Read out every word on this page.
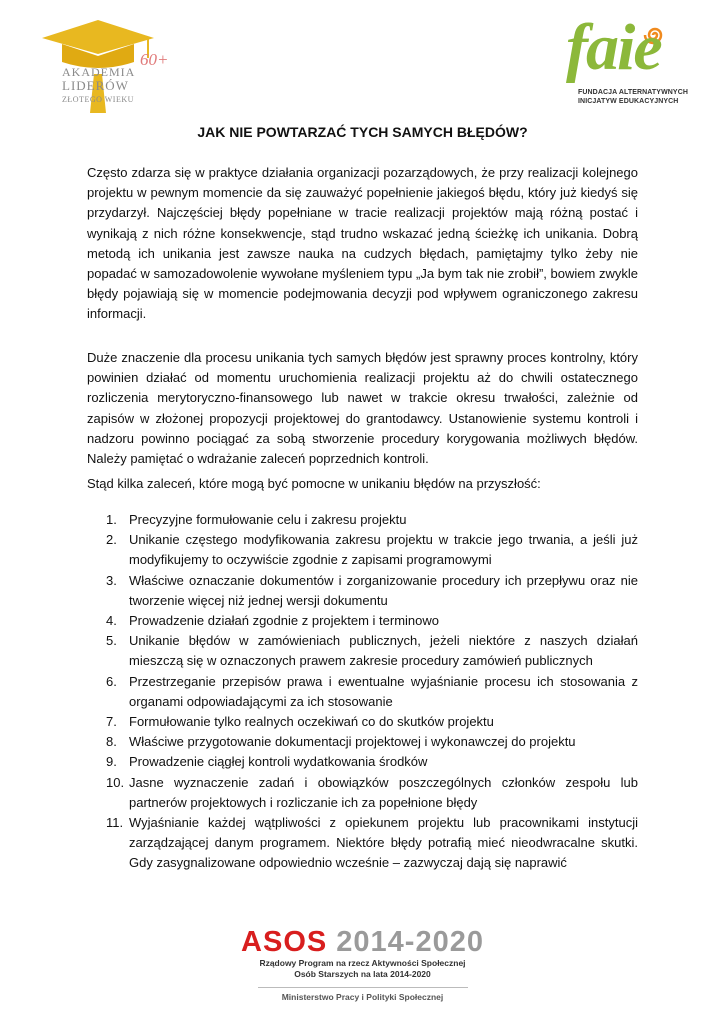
AKADEMIA
LIDERÓW
ZŁOTEGO WIEKU
60+	faie
FUNDACJA ALTERNATYWNYCH
INICJATYW EDUKACYJNYCH
JAK NIE POWTARZAĆ TYCH SAMYCH BŁĘDÓW?

Często zdarza się w praktyce działania organizacji pozarządowych, że przy realizacji kolejnego projektu w pewnym momencie da się zauważyć popełnienie jakiegoś błędu, który już kiedyś się przydarzył. Najczęściej błędy popełniane w tracie realizacji projektów mają różną postać i wynikają z nich różne konsekwencje, stąd trudno wskazać jedną ścieżkę ich unikania. Dobrą metodą ich unikania jest zawsze nauka na cudzych błędach, pamiętajmy tylko żeby nie popadać w samozadowolenie wywołane myśleniem typu „Ja bym tak nie zrobił”, bowiem zwykle błędy pojawiają się w momencie podejmowania decyzji pod wpływem ograniczonego zakresu informacji.

Duże znaczenie dla procesu unikania tych samych błędów jest sprawny proces kontrolny, który powinien działać od momentu uruchomienia realizacji projektu aż do chwili ostatecznego rozliczenia merytoryczno-finansowego lub nawet w trakcie okresu trwałości, zależnie od zapisów w złożonej propozycji projektowej do grantodawcy. Ustanowienie systemu kontroli i nadzoru powinno pociągać za sobą stworzenie procedury korygowania możliwych błędów. Należy pamiętać o wdrażanie zaleceń poprzednich kontroli.

Stąd kilka zaleceń, które mogą być pomocne w unikaniu błędów na przyszłość:

1. Precyzyjne formułowanie celu i zakresu projektu
2. Unikanie częstego modyfikowania zakresu projektu w trakcie jego trwania, a jeśli już modyfikujemy to oczywiście zgodnie z zapisami programowymi
3. Właściwe oznaczanie dokumentów i zorganizowanie procedury ich przepływu oraz nie tworzenie więcej niż jednej wersji dokumentu
4. Prowadzenie działań zgodnie z projektem i terminowo
5. Unikanie błędów w zamówieniach publicznych, jeżeli niektóre z naszych działań mieszczą się w oznaczonych prawem zakresie procedury zamówień publicznych
6. Przestrzeganie przepisów prawa i ewentualne wyjaśnianie procesu ich stosowania z organami odpowiadającymi za ich stosowanie
7. Formułowanie tylko realnych oczekiwań co do skutków projektu
8. Właściwe przygotowanie dokumentacji projektowej i wykonawczej do projektu
9. Prowadzenie ciągłej kontroli wydatkowania środków
10. Jasne wyznaczenie zadań i obowiązków poszczególnych członków zespołu lub partnerów projektowych i rozliczanie ich za popełnione błędy
11. Wyjaśnianie każdej wątpliwości z opiekunem projektu lub pracownikami instytucji zarządzającej danym programem. Niektóre błędy potrafią mieć nieodwracalne skutki. Gdy zasygnalizowane odpowiednio wcześnie – zazwyczaj dają się naprawić
ASOS 2014-2020
Rządowy Program na rzecz Aktywności Społecznej
Osób Starszych na lata 2014-2020
Ministerstwo Pracy i Polityki Społecznej
